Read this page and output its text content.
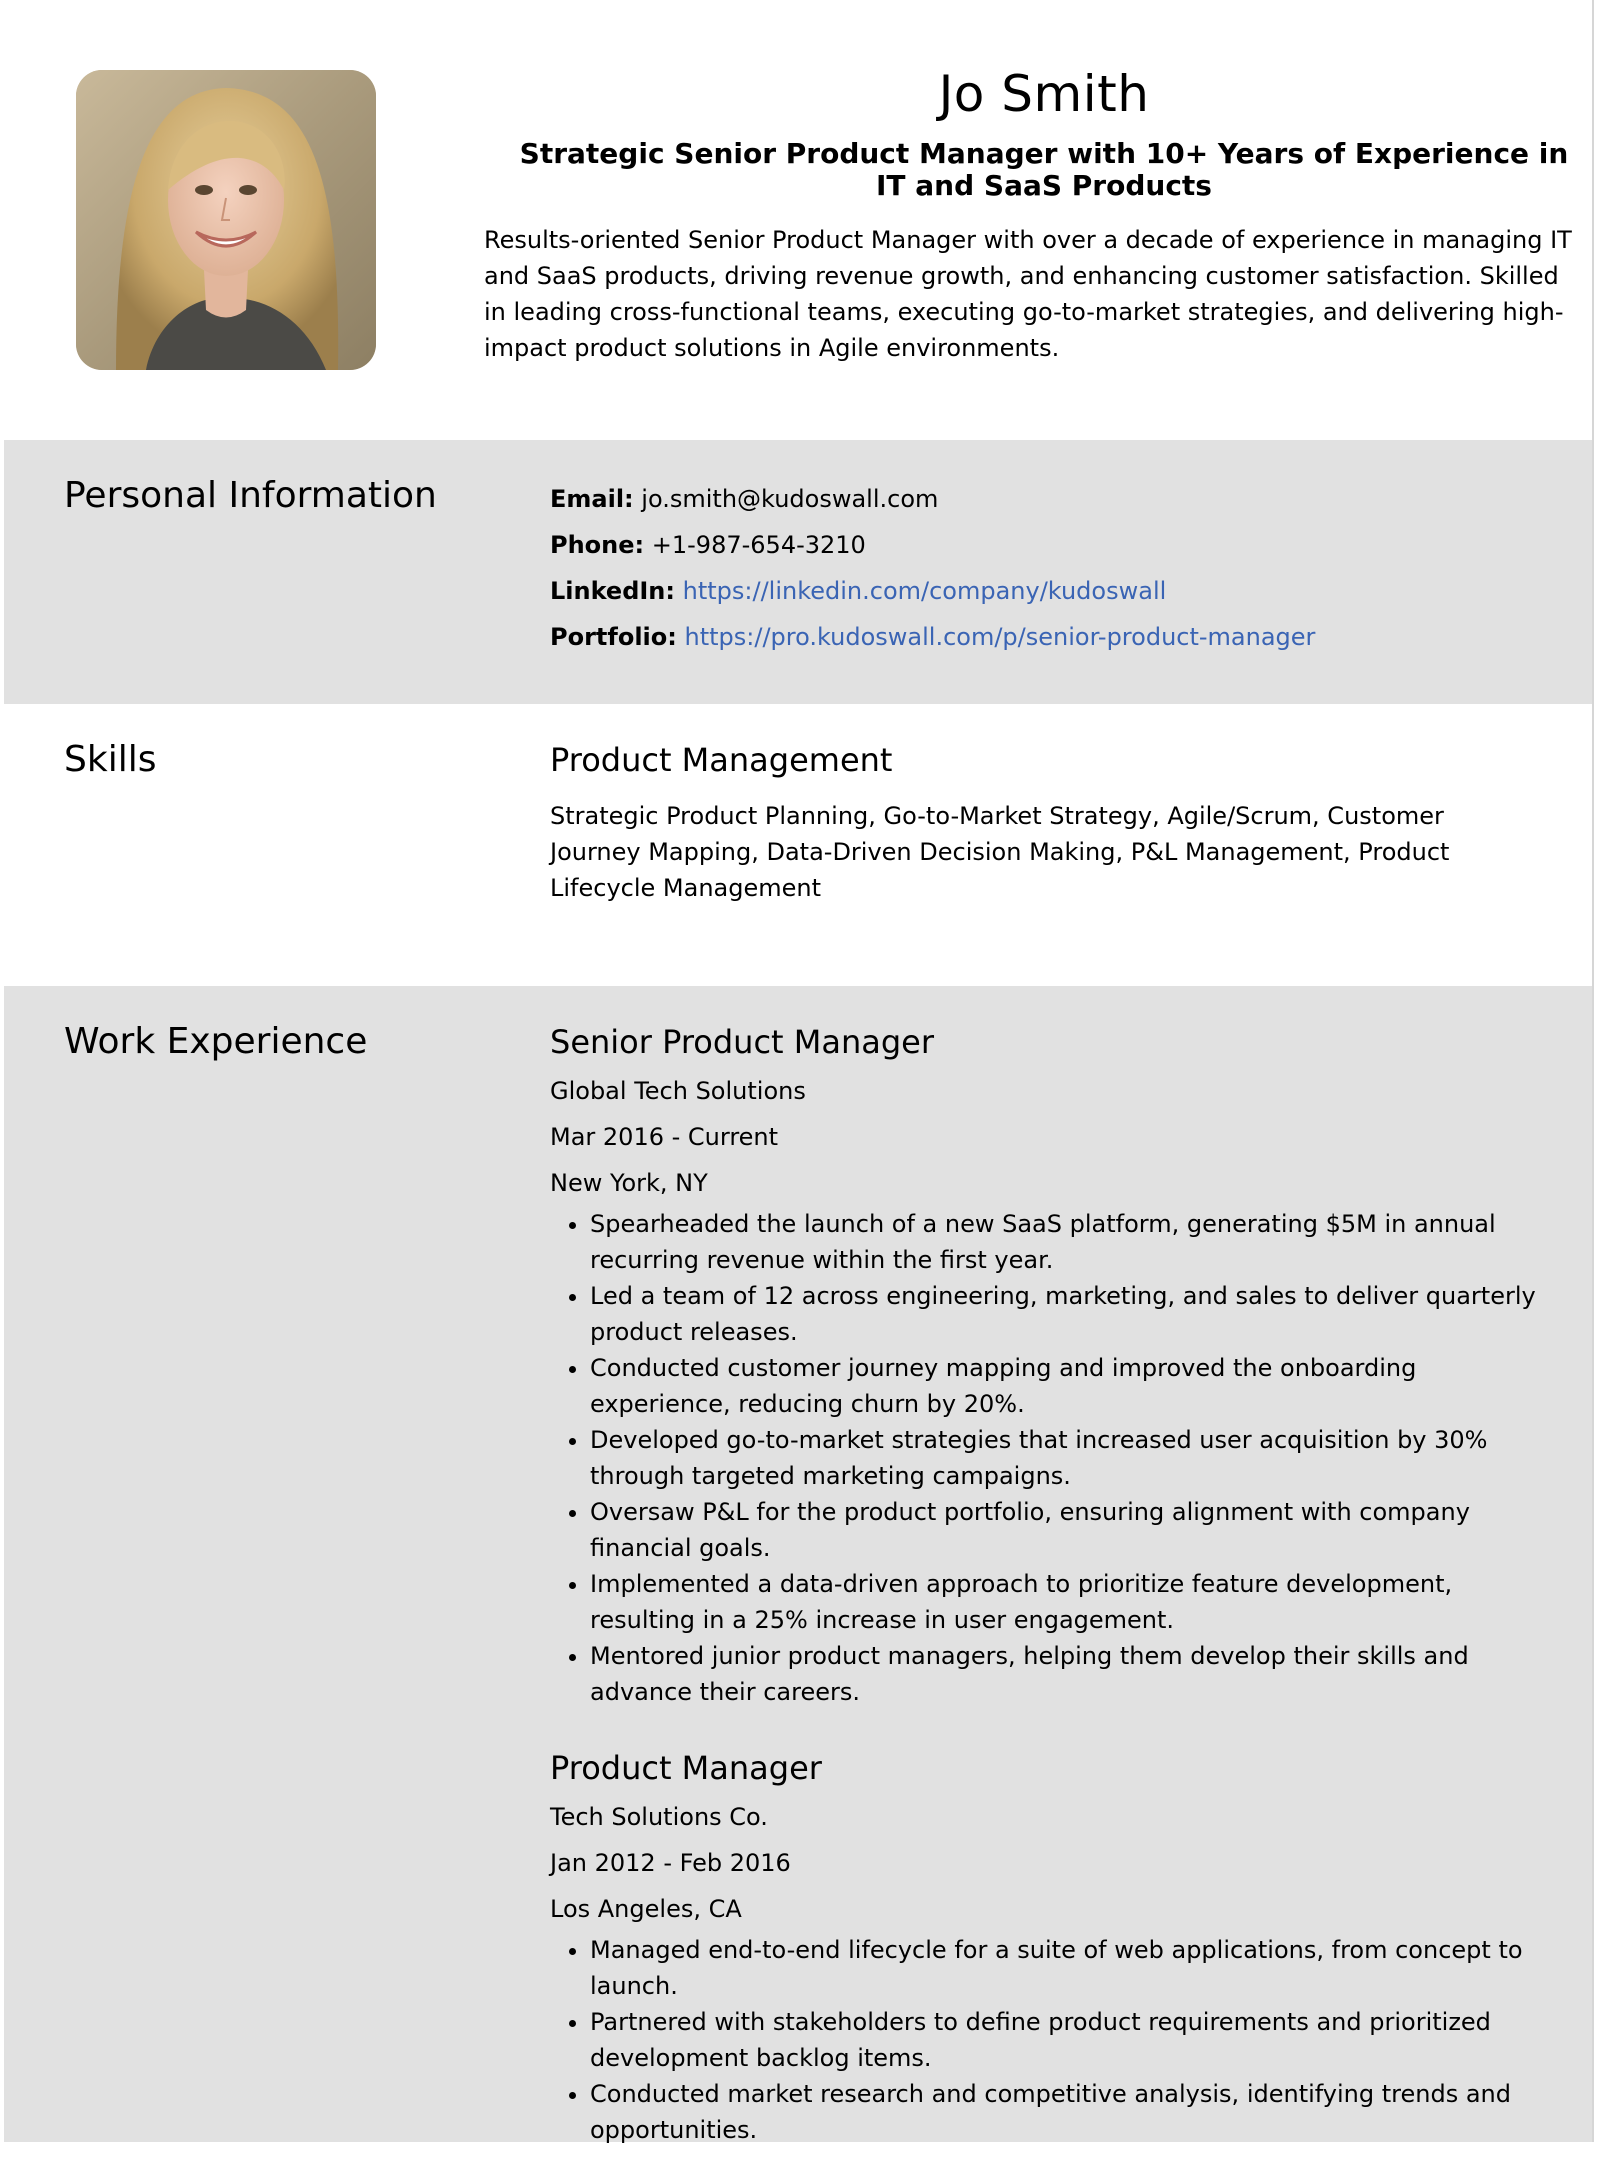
Jo Smith
Strategic Senior Product Manager with 10+ Years of Experience in IT and SaaS Products

Results-oriented Senior Product Manager with over a decade of experience in managing IT and SaaS products, driving revenue growth, and enhancing customer satisfaction. Skilled in leading cross-functional teams, executing go-to-market strategies, and delivering high-impact product solutions in Agile environments.

Personal Information	Email: jo.smith@kudoswall.com
Phone: +1-987-654-3210
LinkedIn: https://linkedin.com/company/kudoswall
Portfolio: https://pro.kudoswall.com/p/senior-product-manager
Skills	Product Management

Strategic Product Planning, Go-to-Market Strategy, Agile/Scrum, Customer Journey Mapping, Data-Driven Decision Making, P&L Management, Product Lifecycle Management

Work Experience	Senior Product Manager

Global Tech Solutions

Mar 2016 - Current

New York, NY

• Spearheaded the launch of a new SaaS platform, generating $5M in annual recurring revenue within the first year.
• Led a team of 12 across engineering, marketing, and sales to deliver quarterly product releases.
• Conducted customer journey mapping and improved the onboarding experience, reducing churn by 20%.
• Developed go-to-market strategies that increased user acquisition by 30% through targeted marketing campaigns.
• Oversaw P&L for the product portfolio, ensuring alignment with company financial goals.
• Implemented a data-driven approach to prioritize feature development, resulting in a 25% increase in user engagement.
• Mentored junior product managers, helping them develop their skills and advance their careers.
Product Manager

Tech Solutions Co.

Jan 2012 - Feb 2016

Los Angeles, CA

• Managed end-to-end lifecycle for a suite of web applications, from concept to launch.
• Partnered with stakeholders to define product requirements and prioritized development backlog items.
• Conducted market research and competitive analysis, identifying trends and opportunities.
